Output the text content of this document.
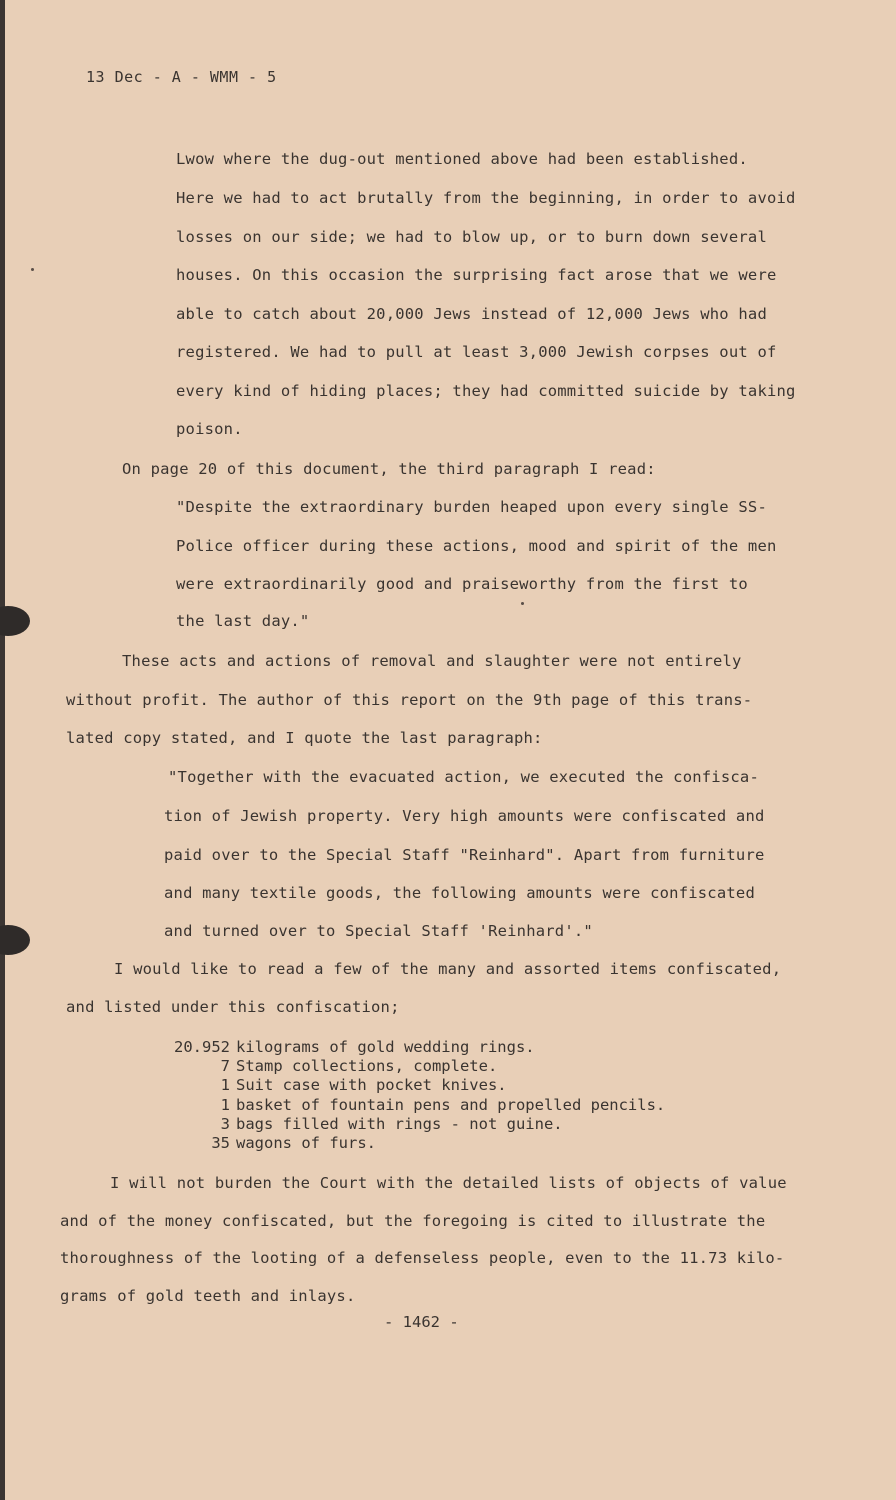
13 Dec - A - WMM - 5
Lwow where the dug-out mentioned above had been established.
Here we had to act brutally from the beginning, in order to avoid
losses on our side; we had to blow up, or to burn down several
houses. On this occasion the surprising fact arose that we were
able to catch about 20,000 Jews instead of 12,000 Jews who had
registered. We had to pull at least 3,000 Jewish corpses out of
every kind of hiding places; they had committed suicide by taking
poison.
On page 20 of this document, the third paragraph I read:
"Despite the extraordinary burden heaped upon every single SS-
Police officer during these actions, mood and spirit of the men
were extraordinarily good and praiseworthy from the first to
the last day."
These acts and actions of removal and slaughter were not entirely
without profit. The author of this report on the 9th page of this trans-
lated copy stated, and I quote the last paragraph:
"Together with the evacuated action, we executed the confisca-
tion of Jewish property. Very high amounts were confiscated and
paid over to the Special Staff "Reinhard". Apart from furniture
and many textile goods, the following amounts were confiscated
and turned over to Special Staff 'Reinhard'."
I would like to read a few of the many and assorted items confiscated,
and listed under this confiscation;
20.952 kilograms of gold wedding rings.
7 Stamp collections, complete.
1 Suit case with pocket knives.
1 basket of fountain pens and propelled pencils.
3 bags filled with rings - not guine.
35 wagons of furs.
I will not burden the Court with the detailed lists of objects of value
and of the money confiscated, but the foregoing is cited to illustrate the
thoroughness of the looting of a defenseless people, even to the 11.73 kilo-
grams of gold teeth and inlays.
- 1462 -
